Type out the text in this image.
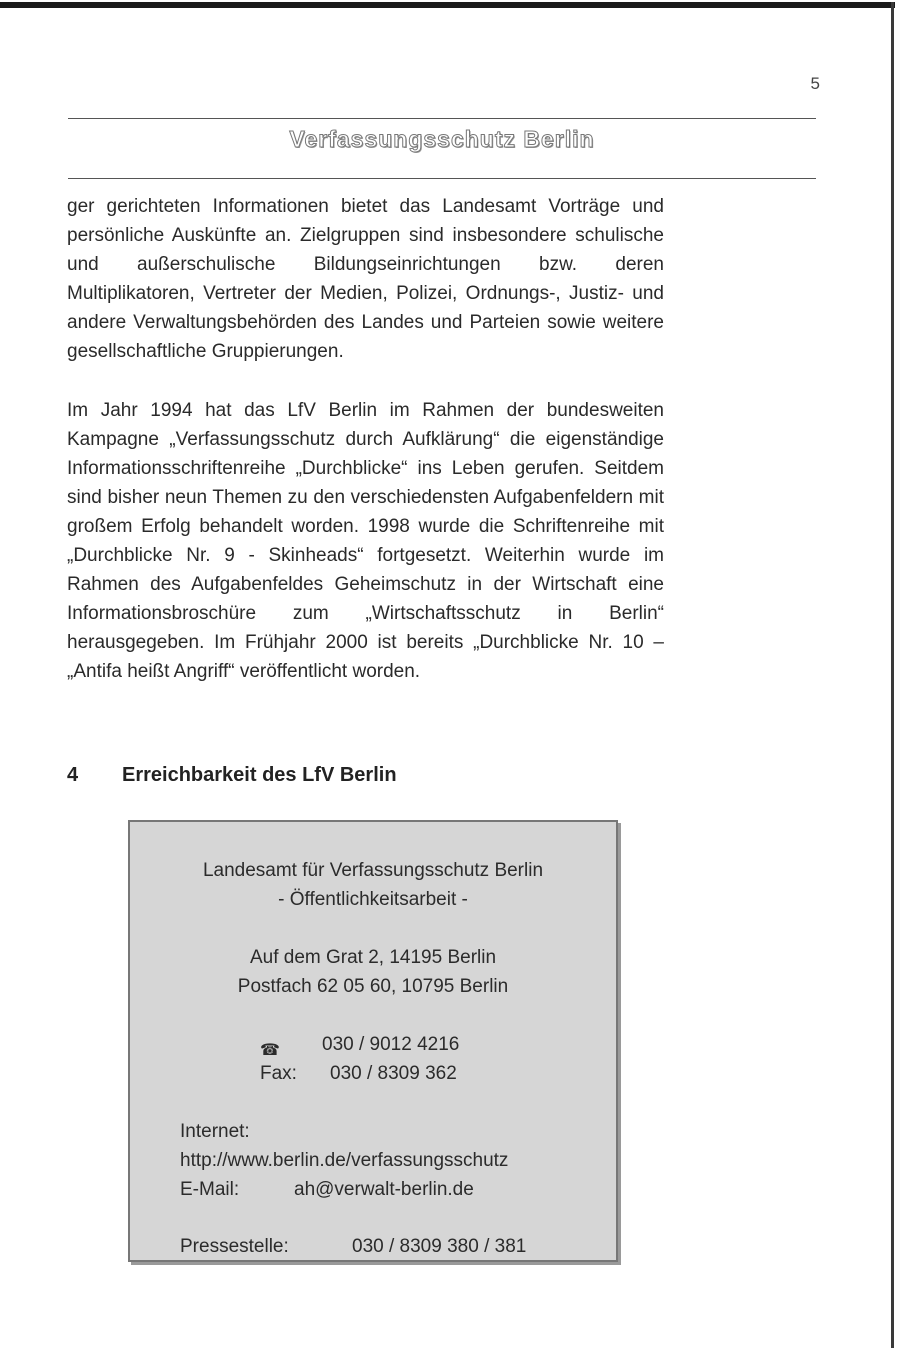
5
Verfassungsschutz Berlin

ger gerichteten Informationen bietet das Landesamt Vorträge und persönliche Auskünfte an. Zielgruppen sind insbesondere schulische und außerschulische Bildungseinrichtungen bzw. deren Multiplikatoren, Vertreter der Medien, Polizei, Ordnungs-, Justiz- und andere Verwaltungsbehörden des Landes und Parteien sowie weitere gesellschaftliche Gruppierungen.

Im Jahr 1994 hat das LfV Berlin im Rahmen der bundesweiten Kampagne „Verfassungsschutz durch Aufklärung“ die eigenständige Informationsschriftenreihe „Durchblicke“ ins Leben gerufen. Seitdem sind bisher neun Themen zu den verschiedensten Aufgabenfeldern mit großem Erfolg behandelt worden. 1998 wurde die Schriftenreihe mit „Durchblicke Nr. 9 - Skinheads“ fortgesetzt. Weiterhin wurde im Rahmen des Aufgabenfeldes Geheimschutz in der Wirtschaft eine Informationsbroschüre zum „Wirtschaftsschutz in Berlin“ herausgegeben. Im Frühjahr 2000 ist bereits „Durchblicke Nr. 10 – „Antifa heißt Angriff“ veröffentlicht worden.

4 Erreichbarkeit des LfV Berlin
Landesamt für Verfassungsschutz Berlin
- Öffentlichkeitsarbeit -
Auf dem Grat 2, 14195 Berlin
Postfach 62 05 60, 10795 Berlin
☎ 030 / 9012 4216
Fax: 030 / 8309 362
Internet:
http://www.berlin.de/verfassungsschutz
E-Mail:	ah@verwalt-berlin.de
Pressestelle:	030 / 8309 380 / 381
